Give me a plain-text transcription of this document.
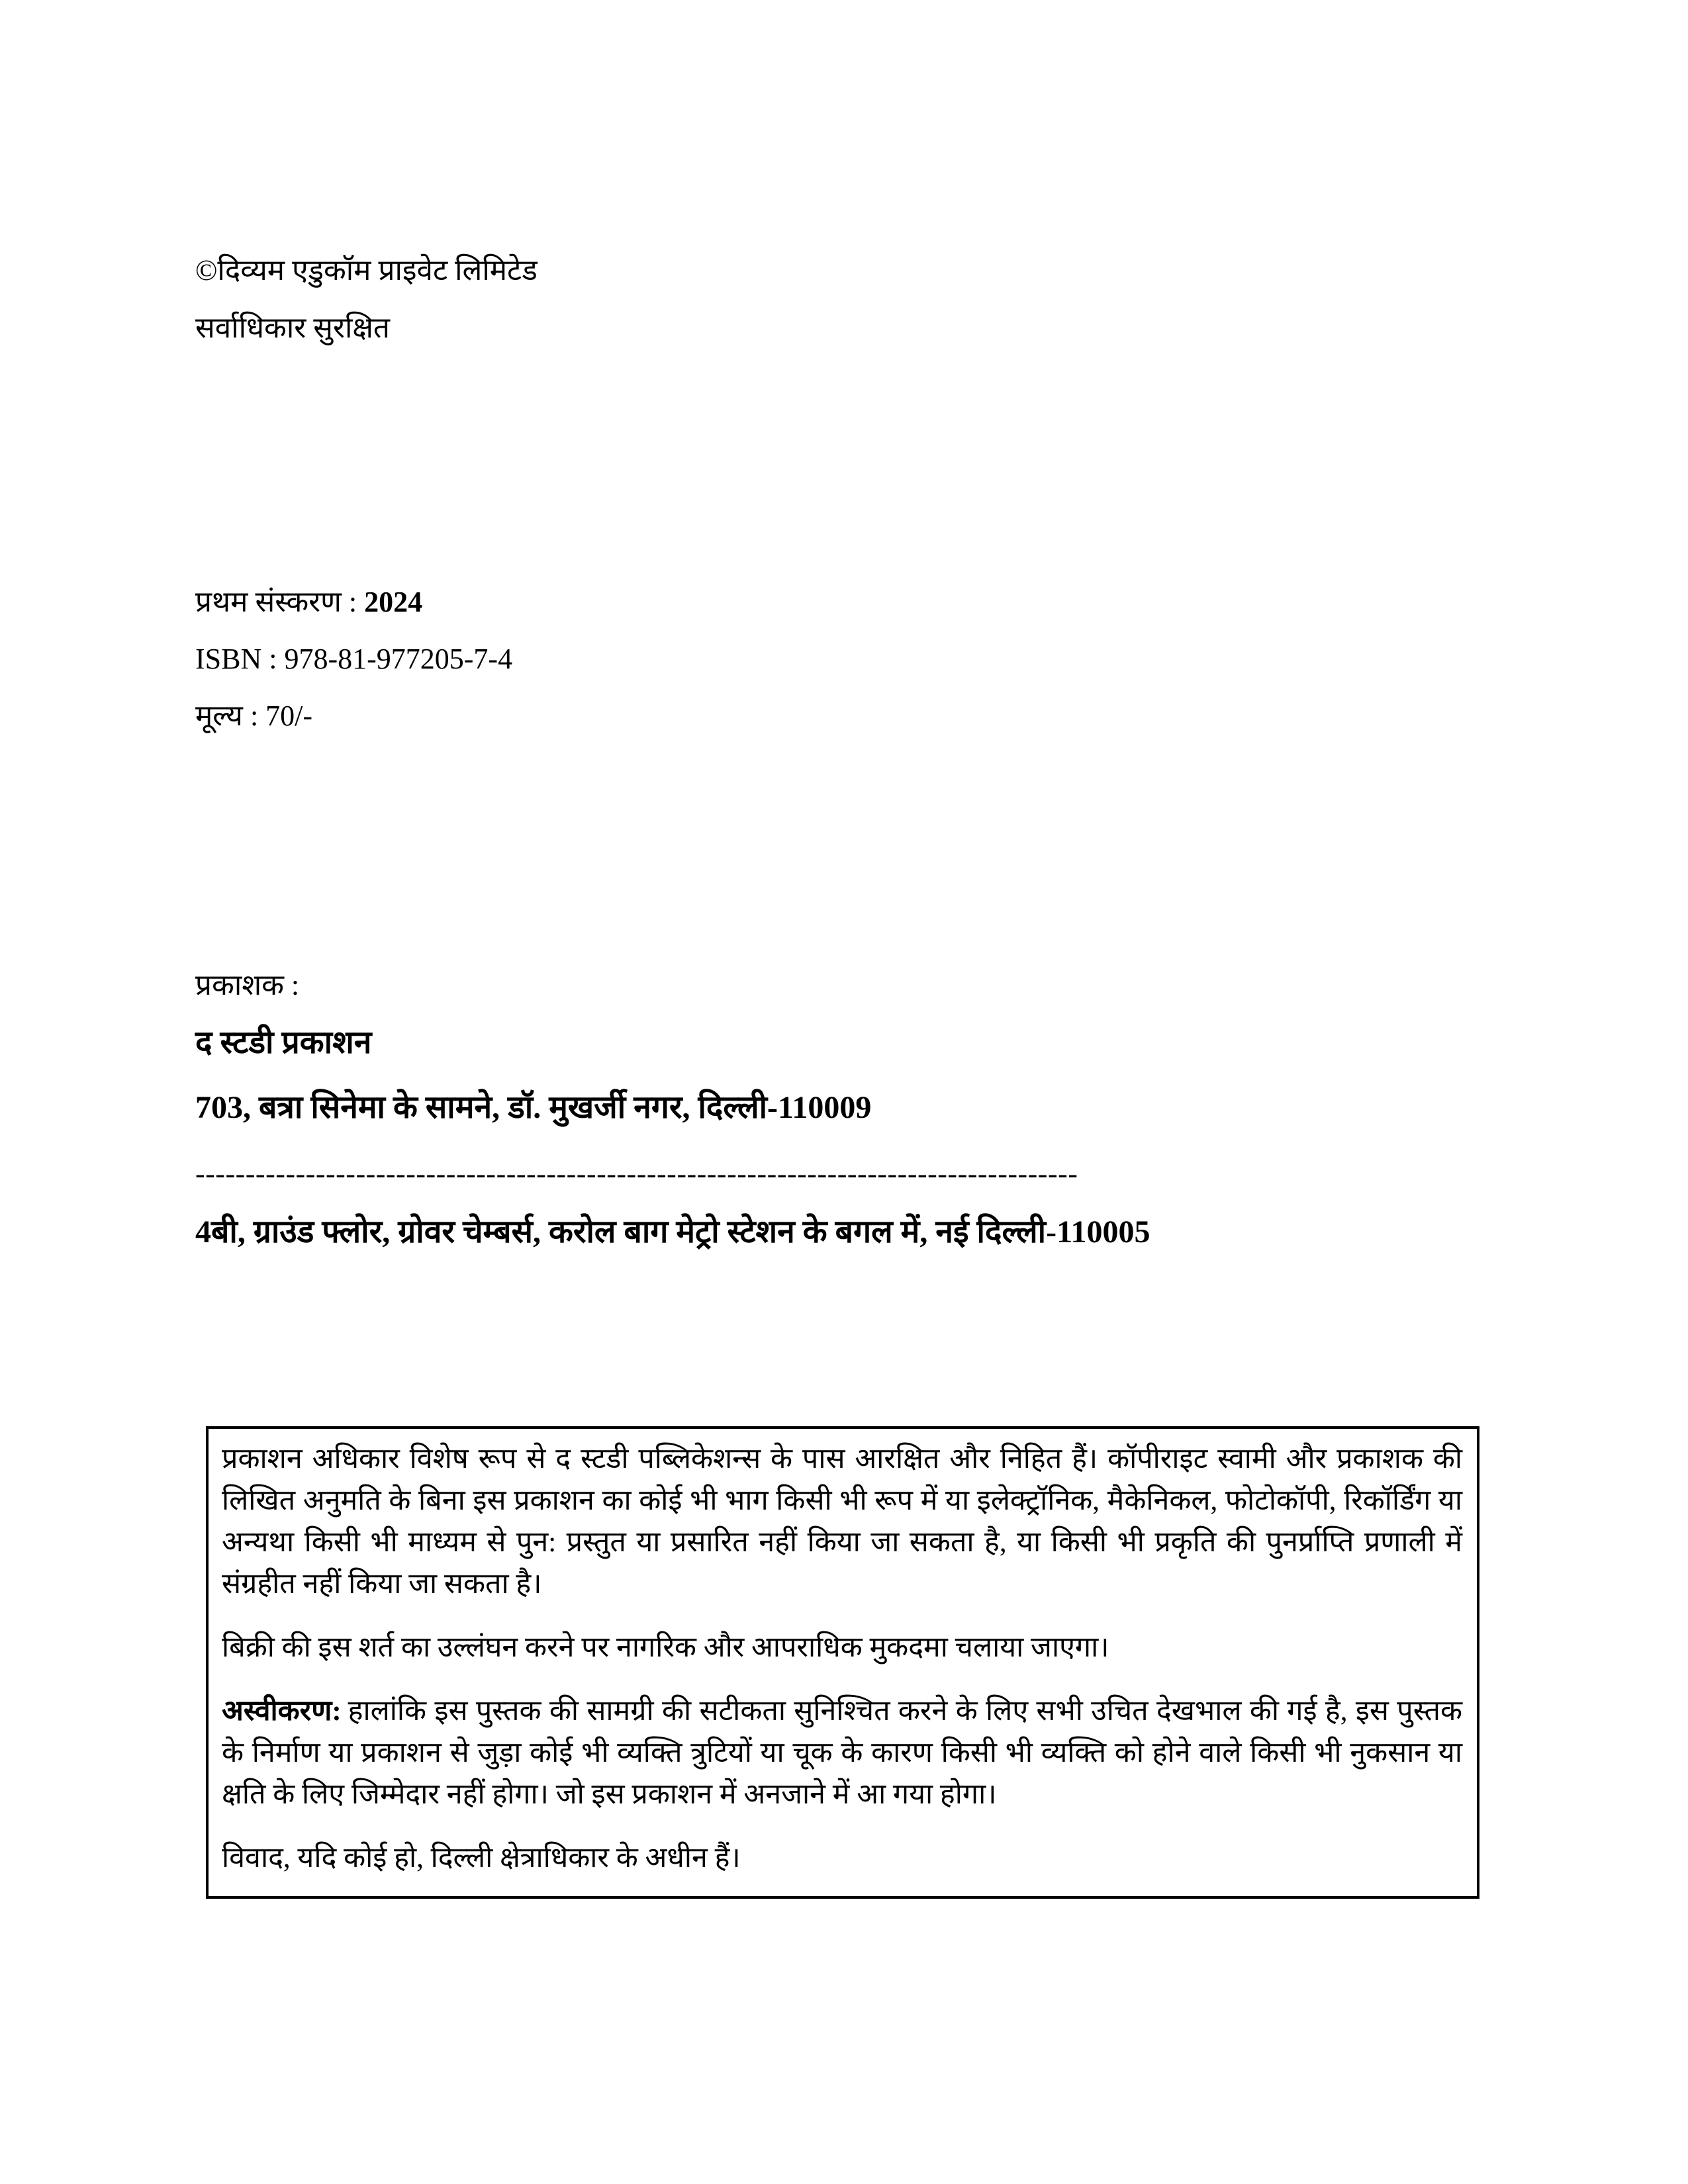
©दिव्यम एडुकॉम प्राइवेट लिमिटेड
सर्वाधिकार सुरक्षित
प्रथम संस्करण : 2024
ISBN : 978-81-977205-7-4
मूल्य : 70/-
प्रकाशक :
द स्टडी प्रकाशन
703, बत्रा सिनेमा के सामने, डॉ. मुखर्जी नगर, दिल्ली-110009
----------------------------------------------------------------------------------------
4बी, ग्राउंड फ्लोर, ग्रोवर चेम्बर्स, करोल बाग मेट्रो स्टेशन के बगल में, नई दिल्ली-110005

प्रकाशन अधिकार विशेष रूप से द स्टडी पब्लिकेशन्स के पास आरक्षित और निहित हैं। कॉपीराइट स्वामी और प्रकाशक की लिखित अनुमति के बिना इस प्रकाशन का कोई भी भाग किसी भी रूप में या इलेक्ट्रॉनिक, मैकेनिकल, फोटोकॉपी, रिकॉर्डिंग या अन्यथा किसी भी माध्यम से पुन: प्रस्तुत या प्रसारित नहीं किया जा सकता है, या किसी भी प्रकृति की पुनर्प्राप्ति प्रणाली में संग्रहीत नहीं किया जा सकता है।

बिक्री की इस शर्त का उल्लंघन करने पर नागरिक और आपराधिक मुकदमा चलाया जाएगा।

अस्वीकरण: हालांकि इस पुस्तक की सामग्री की सटीकता सुनिश्चित करने के लिए सभी उचित देखभाल की गई है, इस पुस्तक के निर्माण या प्रकाशन से जुड़ा कोई भी व्यक्ति त्रुटियों या चूक के कारण किसी भी व्यक्ति को होने वाले किसी भी नुकसान या क्षति के लिए जिम्मेदार नहीं होगा। जो इस प्रकाशन में अनजाने में आ गया होगा।

विवाद, यदि कोई हो, दिल्ली क्षेत्राधिकार के अधीन हैं।
